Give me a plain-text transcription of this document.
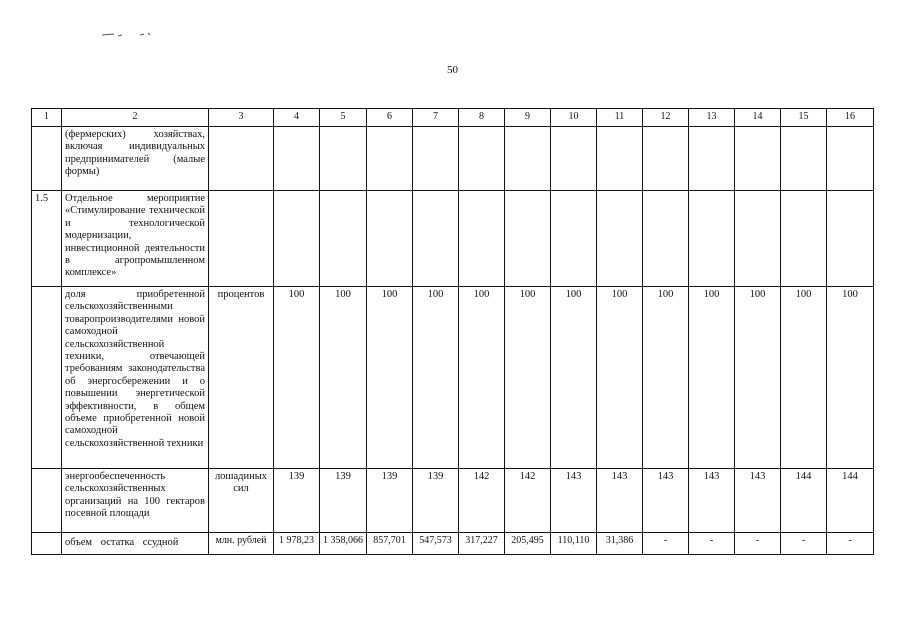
50
1	2	3	4	5	6	7	8	9	10	11	12	13	14	15	16
	(фермерских) хозяйствах, включая индивидуальных предпринимателей (малые формы)														
1.5	Отдельное мероприятие «Стимулирование технической и технологической модернизации, инвестиционной деятельности в агропромышленном комплексе»														
	доля приобретенной сельскохозяйственными товаропроизводителями новой самоходной сельскохозяйственной техники, отвечающей требованиям законодательства об энергосбережении и о повышении энергетической эффективности, в общем объеме приобретенной новой самоходной сельскохозяйственной техники	процентов	100	100	100	100	100	100	100	100	100	100	100	100	100
	энергообеспеченность сельскохозяйственных организаций на 100 гектаров посевной площади	лошадиных сил	139	139	139	139	142	142	143	143	143	143	143	144	144
	объем остатка ссудной	млн. рублей	1 978,23	1 358,066	857,701	547,573	317,227	205,495	110,110	31,386	-	-	-	-	-
